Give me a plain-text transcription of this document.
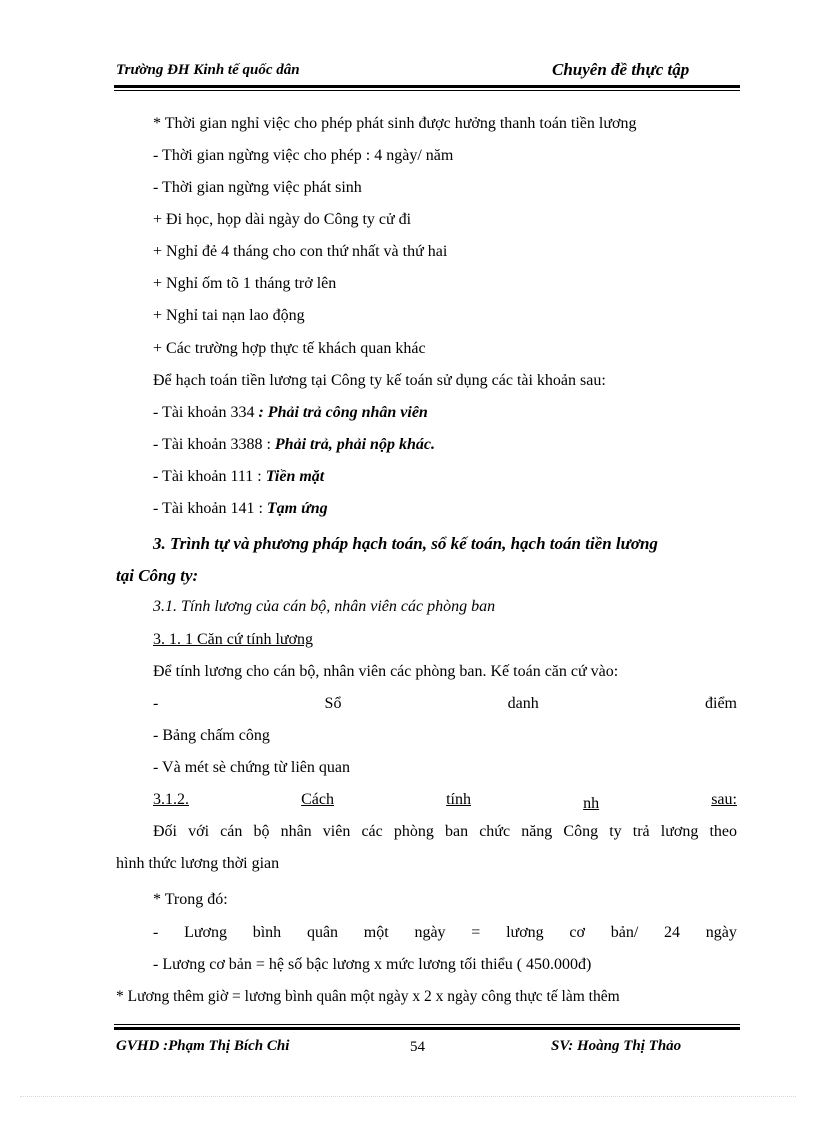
Trường ĐH Kinh tế quốc dân	Chuyên đề thực tập
* Thời gian nghỉ việc cho phép phát sinh được hưởng thanh toán tiền lương
- Thời gian ngừng việc cho phép : 4 ngày/ năm
- Thời gian ngừng việc phát sinh
+ Đi học, họp dài ngày do Công ty cử đi
+ Nghỉ đẻ 4 tháng cho con thứ nhất và thứ hai
+ Nghỉ ốm tõ 1 tháng trở lên
+ Nghỉ tai nạn lao động
+ Các trường hợp thực tế khách quan khác
Để hạch toán tiền lương tại Công ty kế toán sử dụng các tài khoản sau:
- Tài khoản 334 : Phải trả công nhân viên
- Tài khoản 3388 : Phải trả, phải nộp khác.
- Tài khoản 111 : Tiền mặt
- Tài khoản 141 : Tạm ứng
3. Trình tự và phương pháp hạch toán, sổ kế toán, hạch toán tiền lương
tại Công ty:
3.1. Tính lương của cán bộ, nhân viên các phòng ban
3. 1. 1 Căn cứ tính lương
Để tính lương cho cán bộ, nhân viên các phòng ban. Kế toán căn cứ vào:
-	Sổ	danh	điểm
- Bảng chấm công
- Và mét sè chứng từ liên quan
3.1.2.	Cách	tính	nh	sau:
Đối với cán bộ nhân viên các phòng ban chức năng Công ty trả lương theo
hình thức lương thời gian
* Trong đó:
- Lương bình quân một ngày = lương cơ bản/ 24 ngày
- Lương cơ bản = hệ số bậc lương x mức lương tối thiểu ( 450.000đ)
* Lương thêm giờ = lương bình quân một ngày x 2 x ngày công thực tế làm thêm
GVHD :Phạm Thị Bích Chi	54	SV: Hoàng Thị Thảo
